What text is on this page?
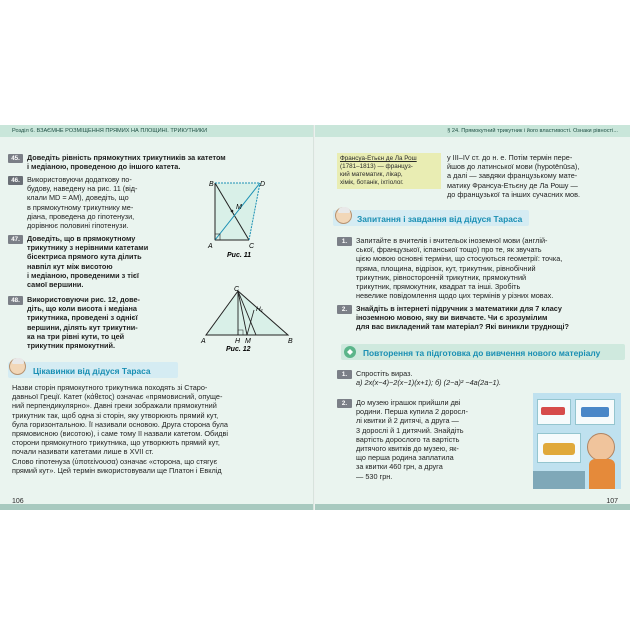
Розділ 6. ВЗАЄМНЕ РОЗМІЩЕННЯ ПРЯМИХ НА ПЛОЩИНІ. ТРИКУТНИКИ
45. Доведіть рівність прямокутних трикутників за катетом
і медіаною, проведеною до іншого катета.
46. Використовуючи додаткову по-
будову, наведену на рис. 11 (від-
клали MD = AM), доведіть, що
в прямокутному трикутнику ме-
діана, проведена до гіпотенузи,
дорівнює половині гіпотенузи.
47. Доведіть, що в прямокутному
трикутнику з нерівними катетами
бісектриса прямого кута ділить
навпіл кут між висотою
і медіаною, проведеними з тієї
самої вершини.
48. Використовуючи рис. 12, дове-
діть, що коли висота і медіана
трикутника, проведені з однієї
вершини, ділять кут трикутни-
ка на три рівні кути, то цей
трикутник прямокутний.
B	D
M
A	C
Рис. 11
C
H₁
A	H M	B
Рис. 12
Цікавинки від дідуся Тараса
Назви сторін прямокутного трикутника походять зі Старо-
давньої Греції. Катет (κάθετος) означає «прямовисний, опуще-
ний перпендикулярно». Давні греки зображали прямокутний
трикутник так, щоб одна зі сторін, яку утворюють прямий кут,
була горизонтальною. Її називали основою. Друга сторона була
прямовисною (висотою), і саме тому її назвали катетом. Обидві
сторони прямокутного трикутника, що утворюють прямий кут,
почали називати катетами лише в XVII ст.
Слово гіпотенуза (ὑποτείνουσα) означає «сторона, що стягує
прямий кут». Цей термін використовували ще Платон і Евклід
106
§ 24. Прямокутний трикутник і його властивості. Ознаки рівності...
Франсуа-Етьєн де Ла Рош
(1781–1813) — француз-
кий математик, лікар,
хімік, ботанік, іхтіолог.
у III–IV ст. до н. е. Потім термін пере-
йшов до латинської мови (hypotēnūsa),
а далі — завдяки французькому мате-
матику Франсуа-Етьєну де Ла Рошу —
до французької та інших сучасних мов.
Запитання і завдання від дідуся Тараса
1.	Запитайте в вчителів і вчительок іноземної мови (англій-
ської, французької, іспанської тощо) про те, як звучать
цією мовою основні терміни, що стосуються геометрії: точка,
пряма, площина, відрізок, кут, трикутник, рівнобічний
трикутник, рівносторонній трикутник, прямокутний
трикутник, прямокутник, квадрат та інші. Зробіть
невелике повідомлення щодо цих термінів у різних мовах.
2.	Знайдіть в інтернеті підручник з математики для 7 класу
іноземною мовою, яку ви вивчаєте. Чи є зрозумілим
для вас викладений там матеріал? Які виникли труднощі?
Повторення та підготовка до вивчення нового матеріалу
1.	Спростіть вираз.
а) 2x(x−4)−2(x−1)(x+1); б) (2−a)² −4a(2a−1).
2.	До музею іграшок прийшли дві
родини. Перша купила 2 доросл-
лі квитки й 2 дитячі, а друга —
3 дорослі й 1 дитячий. Знайдіть
вартість дорослого та вартість
дитячого квитків до музею, як-
що перша родина заплатила
за квитки 460 грн, а друга
— 530 грн.
107
